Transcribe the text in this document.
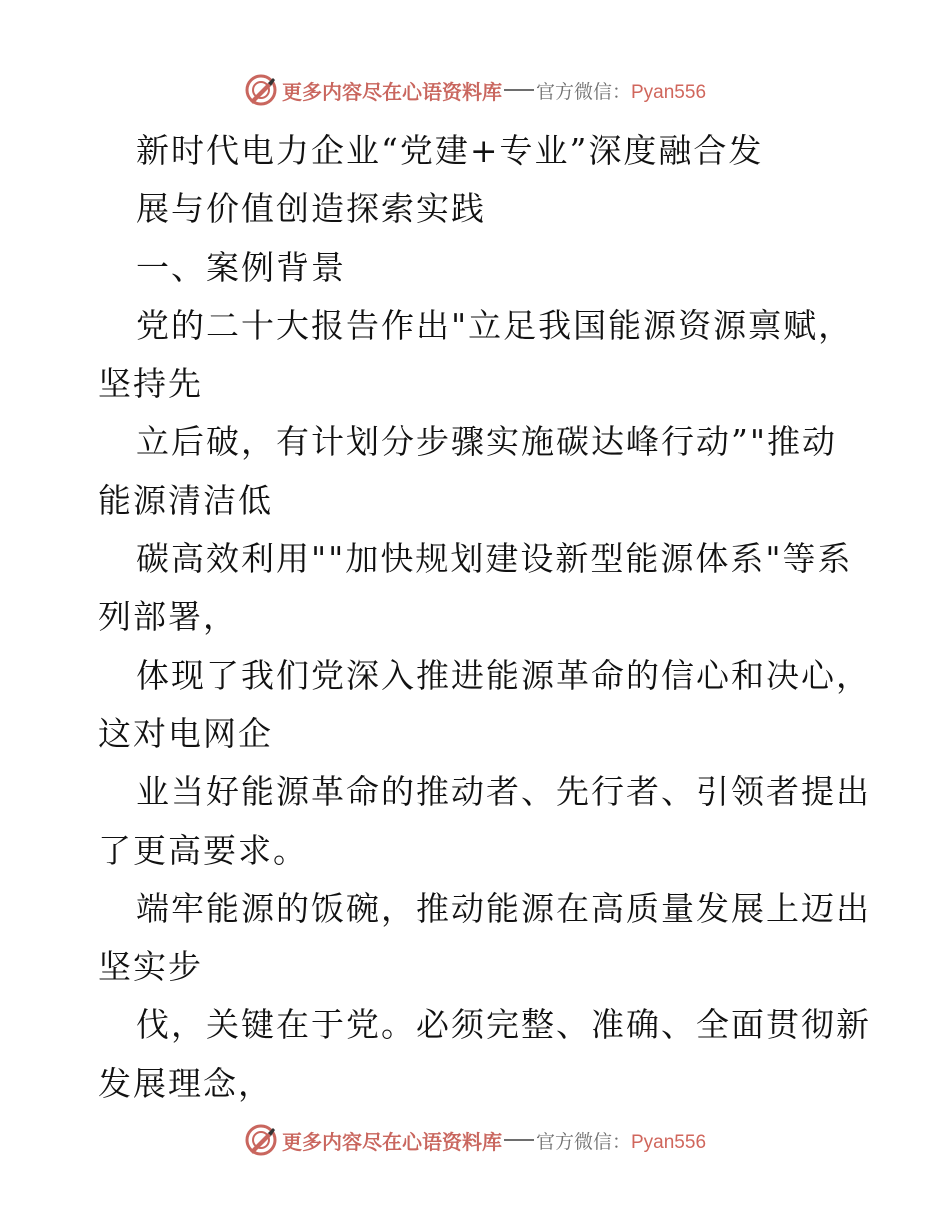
更多内容尽在心语资料库 官方微信：Pyan556
新时代电力企业“党建+专业”深度融合发
展与价值创造探索实践
一、案例背景
党的二十大报告作出"立足我国能源资源禀赋，
坚持先
立后破，有计划分步骤实施碳达峰行动”"推动
能源清洁低
碳高效利用""加快规划建设新型能源体系"等系
列部署，
体现了我们党深入推进能源革命的信心和决心，
这对电网企
业当好能源革命的推动者、先行者、引领者提出
了更高要求。
端牢能源的饭碗，推动能源在高质量发展上迈出
坚实步
伐，关键在于党。必须完整、准确、全面贯彻新
发展理念，
更多内容尽在心语资料库 官方微信：Pyan556
